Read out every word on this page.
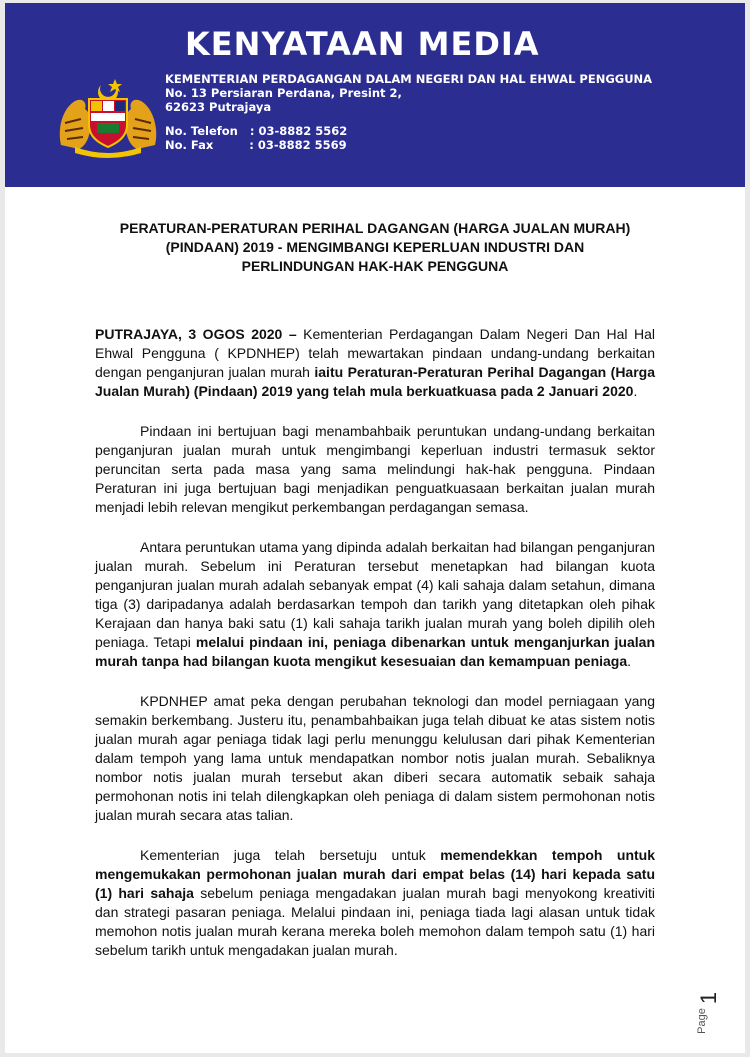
KENYATAAN MEDIA
KEMENTERIAN PERDAGANGAN DALAM NEGERI DAN HAL EHWAL PENGGUNA
No. 13 Persiaran Perdana, Presint 2,
62623 Putrajaya
No. Telefon   : 03-8882 5562
No. Fax         : 03-8882 5569
PERATURAN-PERATURAN PERIHAL DAGANGAN (HARGA JUALAN MURAH)
(PINDAAN) 2019 - MENGIMBANGI KEPERLUAN INDUSTRI DAN
PERLINDUNGAN HAK-HAK PENGGUNA

PUTRAJAYA, 3 OGOS 2020 – Kementerian Perdagangan Dalam Negeri Dan Hal Hal Ehwal Pengguna ( KPDNHEP) telah mewartakan pindaan undang-undang berkaitan dengan penganjuran jualan murah iaitu Peraturan-Peraturan Perihal Dagangan (Harga Jualan Murah) (Pindaan) 2019 yang telah mula berkuatkuasa pada 2 Januari 2020.

Pindaan ini bertujuan bagi menambahbaik peruntukan undang-undang berkaitan penganjuran jualan murah untuk mengimbangi keperluan industri termasuk sektor peruncitan serta pada masa yang sama melindungi hak-hak pengguna. Pindaan Peraturan ini juga bertujuan bagi menjadikan penguatkuasaan berkaitan jualan murah menjadi lebih relevan mengikut perkembangan perdagangan semasa.

Antara peruntukan utama yang dipinda adalah berkaitan had bilangan penganjuran jualan murah. Sebelum ini Peraturan tersebut menetapkan had bilangan kuota penganjuran jualan murah adalah sebanyak empat (4) kali sahaja dalam setahun, dimana tiga (3) daripadanya adalah berdasarkan tempoh dan tarikh yang ditetapkan oleh pihak Kerajaan dan hanya baki satu (1) kali sahaja tarikh jualan murah yang boleh dipilih oleh peniaga. Tetapi melalui pindaan ini, peniaga dibenarkan untuk menganjurkan jualan murah tanpa had bilangan kuota mengikut kesesuaian dan kemampuan peniaga.

KPDNHEP amat peka dengan perubahan teknologi dan model perniagaan yang semakin berkembang. Justeru itu, penambahbaikan juga telah dibuat ke atas sistem notis jualan murah agar peniaga tidak lagi perlu menunggu kelulusan dari pihak Kementerian dalam tempoh yang lama untuk mendapatkan nombor notis jualan murah. Sebaliknya nombor notis jualan murah tersebut akan diberi secara automatik sebaik sahaja permohonan notis ini telah dilengkapkan oleh peniaga di dalam sistem permohonan notis jualan murah secara atas talian.

Kementerian juga telah bersetuju untuk memendekkan tempoh untuk mengemukakan permohonan jualan murah dari empat belas (14) hari kepada satu (1) hari sahaja sebelum peniaga mengadakan jualan murah bagi menyokong kreativiti dan strategi pasaran peniaga. Melalui pindaan ini, peniaga tiada lagi alasan untuk tidak memohon notis jualan murah kerana mereka boleh memohon dalam tempoh satu (1) hari sebelum tarikh untuk mengadakan jualan murah.

Page
1
